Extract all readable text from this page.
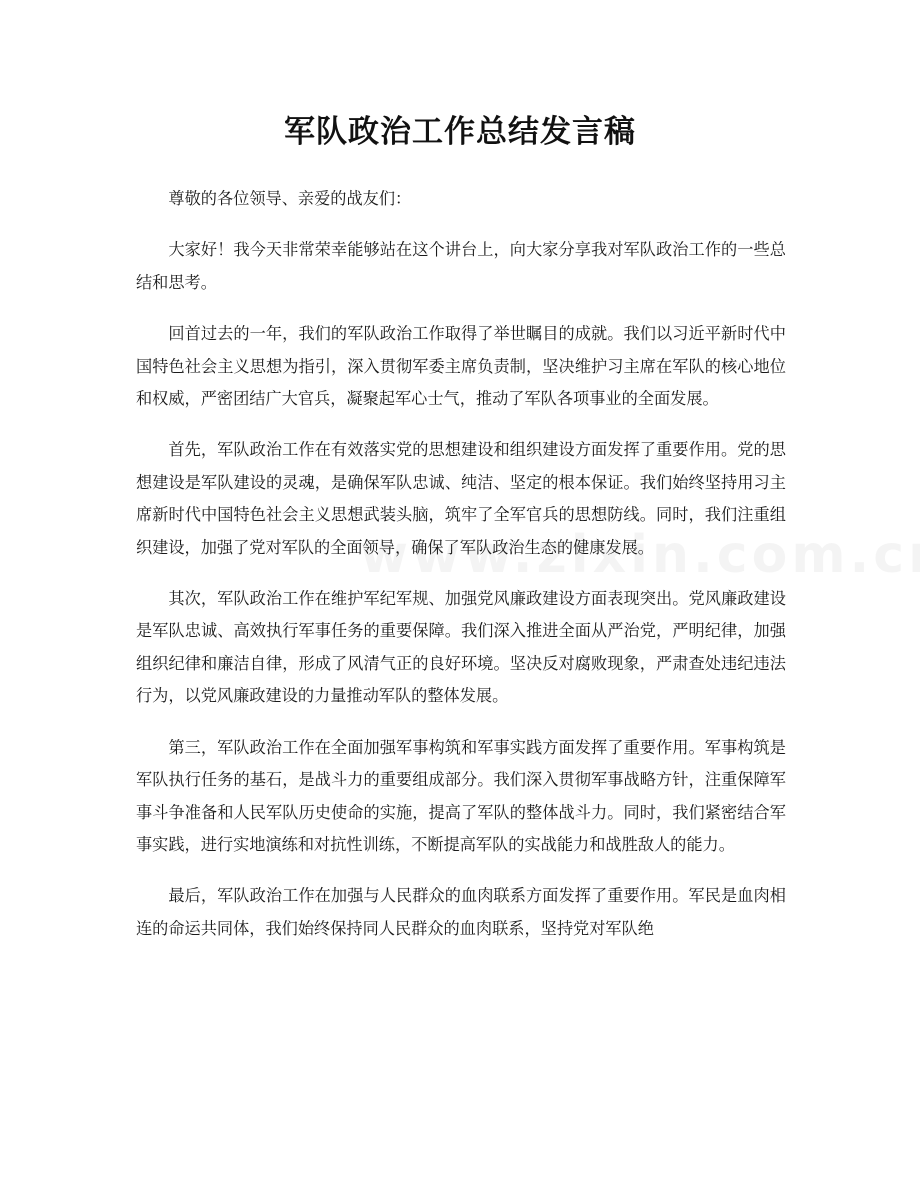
军队政治工作总结发言稿

尊敬的各位领导、亲爱的战友们：

大家好！我今天非常荣幸能够站在这个讲台上，向大家分享我对军队政治工作的一些总结和思考。

回首过去的一年，我们的军队政治工作取得了举世瞩目的成就。我们以习近平新时代中国特色社会主义思想为指引，深入贯彻军委主席负责制，坚决维护习主席在军队的核心地位和权威，严密团结广大官兵，凝聚起军心士气，推动了军队各项事业的全面发展。

首先，军队政治工作在有效落实党的思想建设和组织建设方面发挥了重要作用。党的思想建设是军队建设的灵魂，是确保军队忠诚、纯洁、坚定的根本保证。我们始终坚持用习主席新时代中国特色社会主义思想武装头脑，筑牢了全军官兵的思想防线。同时，我们注重组织建设，加强了党对军队的全面领导，确保了军队政治生态的健康发展。

其次，军队政治工作在维护军纪军规、加强党风廉政建设方面表现突出。党风廉政建设是军队忠诚、高效执行军事任务的重要保障。我们深入推进全面从严治党，严明纪律，加强组织纪律和廉洁自律，形成了风清气正的良好环境。坚决反对腐败现象，严肃查处违纪违法行为，以党风廉政建设的力量推动军队的整体发展。

第三，军队政治工作在全面加强军事构筑和军事实践方面发挥了重要作用。军事构筑是军队执行任务的基石，是战斗力的重要组成部分。我们深入贯彻军事战略方针，注重保障军事斗争准备和人民军队历史使命的实施，提高了军队的整体战斗力。同时，我们紧密结合军事实践，进行实地演练和对抗性训练，不断提高军队的实战能力和战胜敌人的能力。

最后，军队政治工作在加强与人民群众的血肉联系方面发挥了重要作用。军民是血肉相连的命运共同体，我们始终保持同人民群众的血肉联系，坚持党对军队绝
